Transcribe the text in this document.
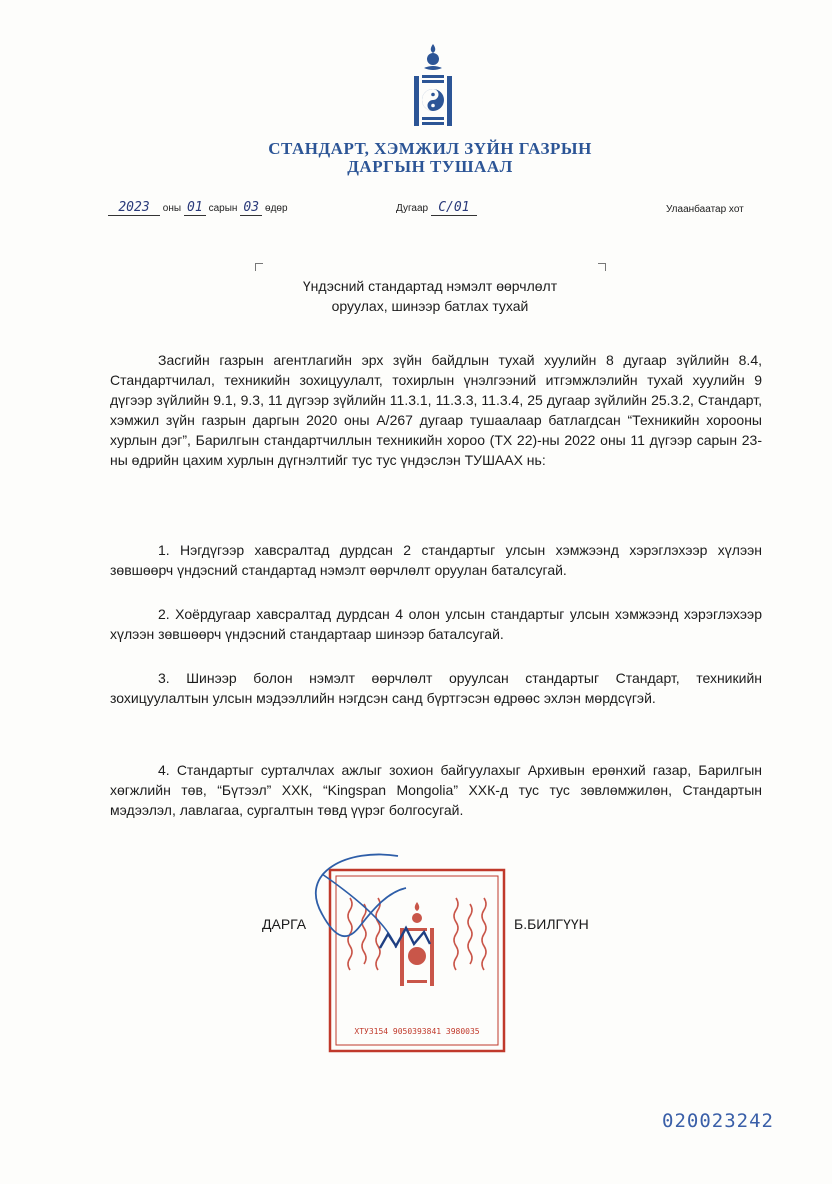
СТАНДАРТ, ХЭМЖИЛ ЗҮЙН ГАЗРЫН
ДАРГЫН ТУШААЛ
2023 оны 01 сарын 03 өдөр	Дугаар С/01	Улаанбаатар хот
Үндэсний стандартад нэмэлт өөрчлөлт
оруулах, шинээр батлах тухай

Засгийн газрын агентлагийн эрх зүйн байдлын тухай хуулийн 8 дугаар зүйлийн 8.4, Стандартчилал, техникийн зохицуулалт, тохирлын үнэлгээний итгэмжлэлийн тухай хуулийн 9 дүгээр зүйлийн 9.1, 9.3, 11 дүгээр зүйлийн 11.3.1, 11.3.3, 11.3.4, 25 дугаар зүйлийн 25.3.2, Стандарт, хэмжил зүйн газрын даргын 2020 оны А/267 дугаар тушаалаар батлагдсан “Техникийн хорооны хурлын дэг”, Барилгын стандартчиллын техникийн хороо (ТХ 22)-ны 2022 оны 11 дүгээр сарын 23-ны өдрийн цахим хурлын дүгнэлтийг тус тус үндэслэн ТУШААХ нь:

1. Нэгдүгээр хавсралтад дурдсан 2 стандартыг улсын хэмжээнд хэрэглэхээр хүлээн зөвшөөрч үндэсний стандартад нэмэлт өөрчлөлт оруулан баталсугай.

2. Хоёрдугаар хавсралтад дурдсан 4 олон улсын стандартыг улсын хэмжээнд хэрэглэхээр хүлээн зөвшөөрч үндэсний стандартаар шинээр баталсугай.

3. Шинээр болон нэмэлт өөрчлөлт оруулсан стандартыг Стандарт, техникийн зохицуулалтын улсын мэдээллийн нэгдсэн санд бүртгэсэн өдрөөс эхлэн мөрдсүгэй.

4. Стандартыг сурталчлах ажлыг зохион байгуулахыг Архивын ерөнхий газар, Барилгын хөгжлийн төв, “Бүтээл” ХХК, “Kingspan Mongolia” ХХК-д тус тус зөвлөмжилөн, Стандартын мэдээлэл, лавлагаа, сургалтын төвд үүрэг болгосугай.

ДАРГА	Б.БИЛГҮҮН
ХТУ3154 9050393841 3980035
020023242
